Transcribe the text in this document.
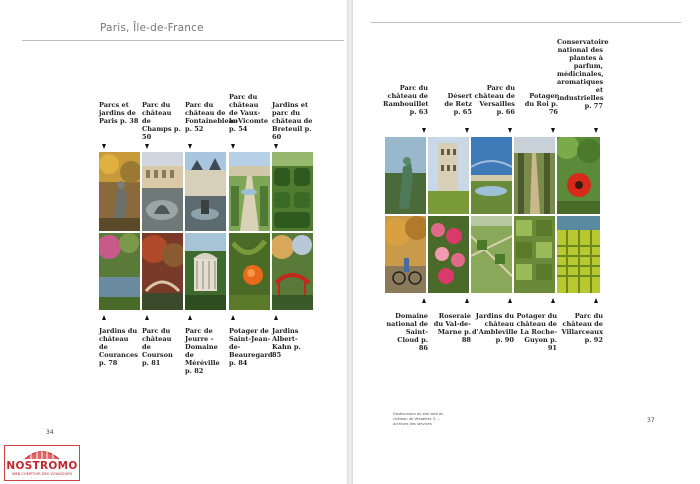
Paris, Île-de-France
Parcs et jardins de Paris p. 38
Parc du château de Champs p. 50
Parc du château de Fontainebleau p. 52
Parc du château de Vaux-le-Vicomte p. 54
Jardins et parc du château de Breteuil p. 60
Jardins du château de Courances p. 78
Parc du château de Courson p. 81
Parc de Jeurre – Domaine de Méréville p. 82
Potager de Saint-Jean-de-Beauregard p. 84
Jardins Albert-Kahn p. 85
34
Parc du château de Rambouillet p. 63
Désert de Retz p. 65
Parc du château de Versailles p. 66
Potager du Roi p. 76
Conservatoire national des plantes à parfum, médicinales, aromatiques et industrielles p. 77
Domaine national de Saint-Cloud p. 86
Roseraie du Val-de-Marne p. 88
Jardins du château d'Ambleville p. 90
Potager du château de La Roche-Guyon p. 91
Parc du château de Villarceaux p. 92
Gestionnaire du site web du château de Versailles © ... Archives des services	37
NOSTROMO
WEB COMPTOIR DES VOYAGEURS
